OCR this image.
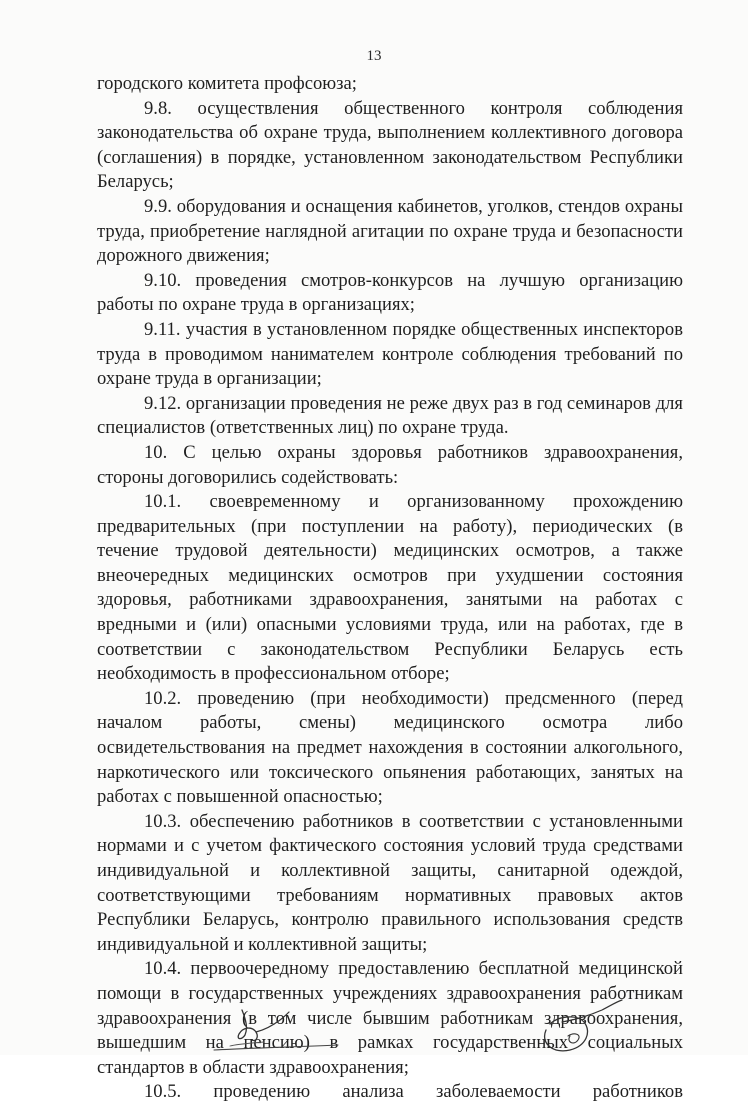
13

городского комитета профсоюза;

9.8. осуществления общественного контроля соблюдения законодательства об охране труда, выполнением коллективного договора (соглашения) в порядке, установленном законодательством Республики Беларусь;

9.9. оборудования и оснащения кабинетов, уголков, стендов охраны труда, приобретение наглядной агитации по охране труда и безопасности дорожного движения;

9.10. проведения смотров-конкурсов на лучшую организацию работы по охране труда в организациях;

9.11. участия в установленном порядке общественных инспекторов труда в проводимом нанимателем контроле соблюдения требований по охране труда в организации;

9.12. организации проведения не реже двух раз в год семинаров для специалистов (ответственных лиц) по охране труда.

10. С целью охраны здоровья работников здравоохранения, стороны договорились содействовать:

10.1. своевременному и организованному прохождению предварительных (при поступлении на работу), периодических (в течение трудовой деятельности) медицинских осмотров, а также внеочередных медицинских осмотров при ухудшении состояния здоровья, работниками здравоохранения, занятыми на работах с вредными и (или) опасными условиями труда, или на работах, где в соответствии с законодательством Республики Беларусь есть необходимость в профессиональном отборе;

10.2. проведению (при необходимости) предсменного (перед началом работы, смены) медицинского осмотра либо освидетельствования на предмет нахождения в состоянии алкогольного, наркотического или токсического опьянения работающих, занятых на работах с повышенной опасностью;

10.3. обеспечению работников в соответствии с установленными нормами и с учетом фактического состояния условий труда средствами индивидуальной и коллективной защиты, санитарной одеждой, соответствующими требованиям нормативных правовых актов Республики Беларусь, контролю правильного использования средств индивидуальной и коллективной защиты;

10.4. первоочередному предоставлению бесплатной медицинской помощи в государственных учреждениях здравоохранения работникам здравоохранения (в том числе бывшим работникам здравоохранения, вышедшим на пенсию) в рамках государственных социальных стандартов в области здравоохранения;

10.5. проведению анализа заболеваемости работников
